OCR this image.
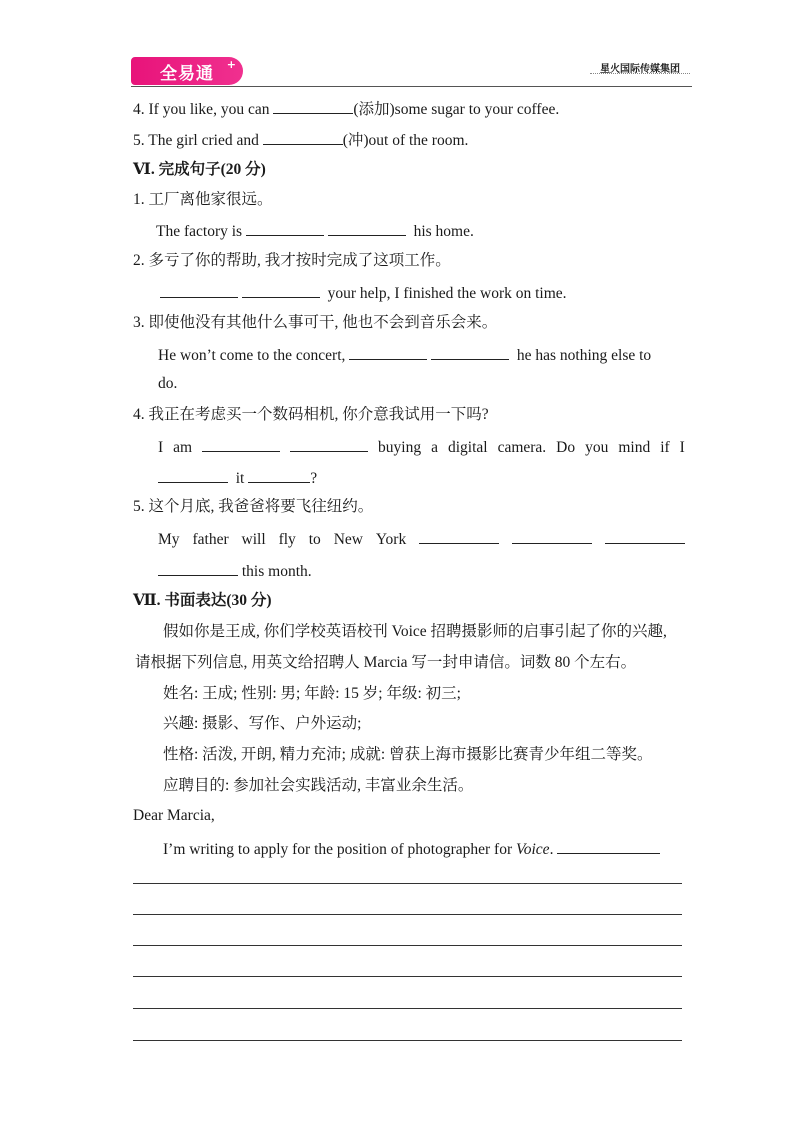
全易通 +	星火国际传媒集团
4. If you like, you can	(添加)some sugar to your coffee.
5. The girl cried and	(冲)out of the room.
Ⅵ. 完成句子(20 分)
1. 工厂离他家很远。
The factory is	his home.
2. 多亏了你的帮助, 我才按时完成了这项工作。
your help, I finished the work on time.
3. 即使他没有其他什么事可干, 他也不会到音乐会来。
He won’t come to the concert,	he has nothing else to
do.
4. 我正在考虑买一个数码相机, 你介意我试用一下吗?
I am	buying a digital camera. Do you mind if I
it	?
5. 这个月底, 我爸爸将要飞往纽约。
My father will fly to New York
this month.
Ⅶ. 书面表达(30 分)
假如你是王成, 你们学校英语校刊 Voice 招聘摄影师的启事引起了你的兴趣,
请根据下列信息, 用英文给招聘人 Marcia 写一封申请信。词数 80 个左右。
姓名: 王成; 性别: 男; 年龄: 15 岁; 年级: 初三;
兴趣: 摄影、写作、户外运动;
性格: 活泼, 开朗, 精力充沛; 成就: 曾获上海市摄影比赛青少年组二等奖。
应聘目的: 参加社会实践活动, 丰富业余生活。
Dear Marcia,
I’m writing to apply for the position of photographer for Voice.
